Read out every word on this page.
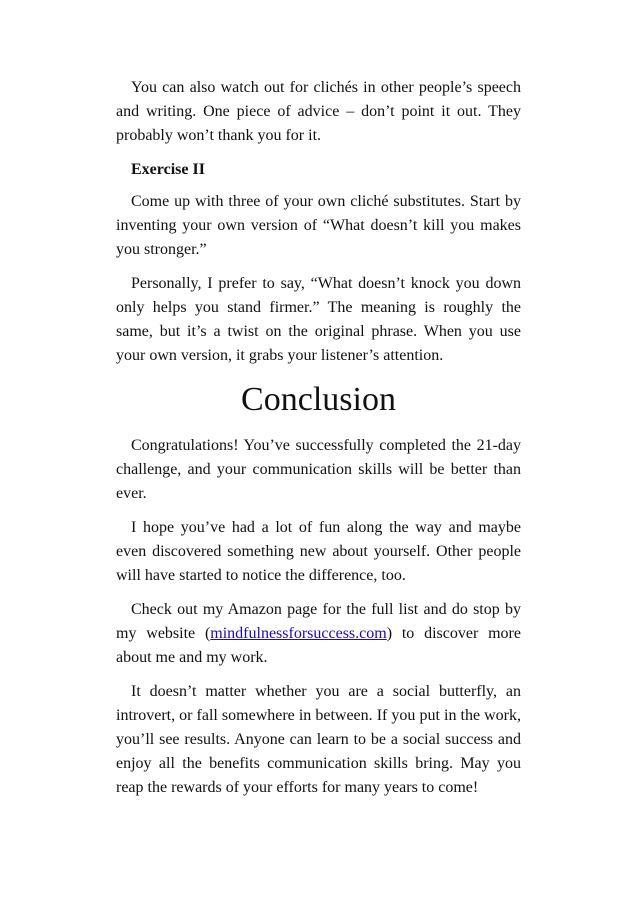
You can also watch out for clichés in other people’s speech and writing. One piece of advice – don’t point it out. They probably won’t thank you for it.

Exercise II

Come up with three of your own cliché substitutes. Start by inventing your own version of “What doesn’t kill you makes you stronger.”

Personally, I prefer to say, “What doesn’t knock you down only helps you stand firmer.” The meaning is roughly the same, but it’s a twist on the original phrase. When you use your own version, it grabs your listener’s attention.

Conclusion

Congratulations! You’ve successfully completed the 21-day challenge, and your communication skills will be better than ever.

I hope you’ve had a lot of fun along the way and maybe even discovered something new about yourself. Other people will have started to notice the difference, too.

Check out my Amazon page for the full list and do stop by my website (mindfulnessforsuccess.com) to discover more about me and my work.

It doesn’t matter whether you are a social butterfly, an introvert, or fall somewhere in between. If you put in the work, you’ll see results. Anyone can learn to be a social success and enjoy all the benefits communication skills bring. May you reap the rewards of your efforts for many years to come!
